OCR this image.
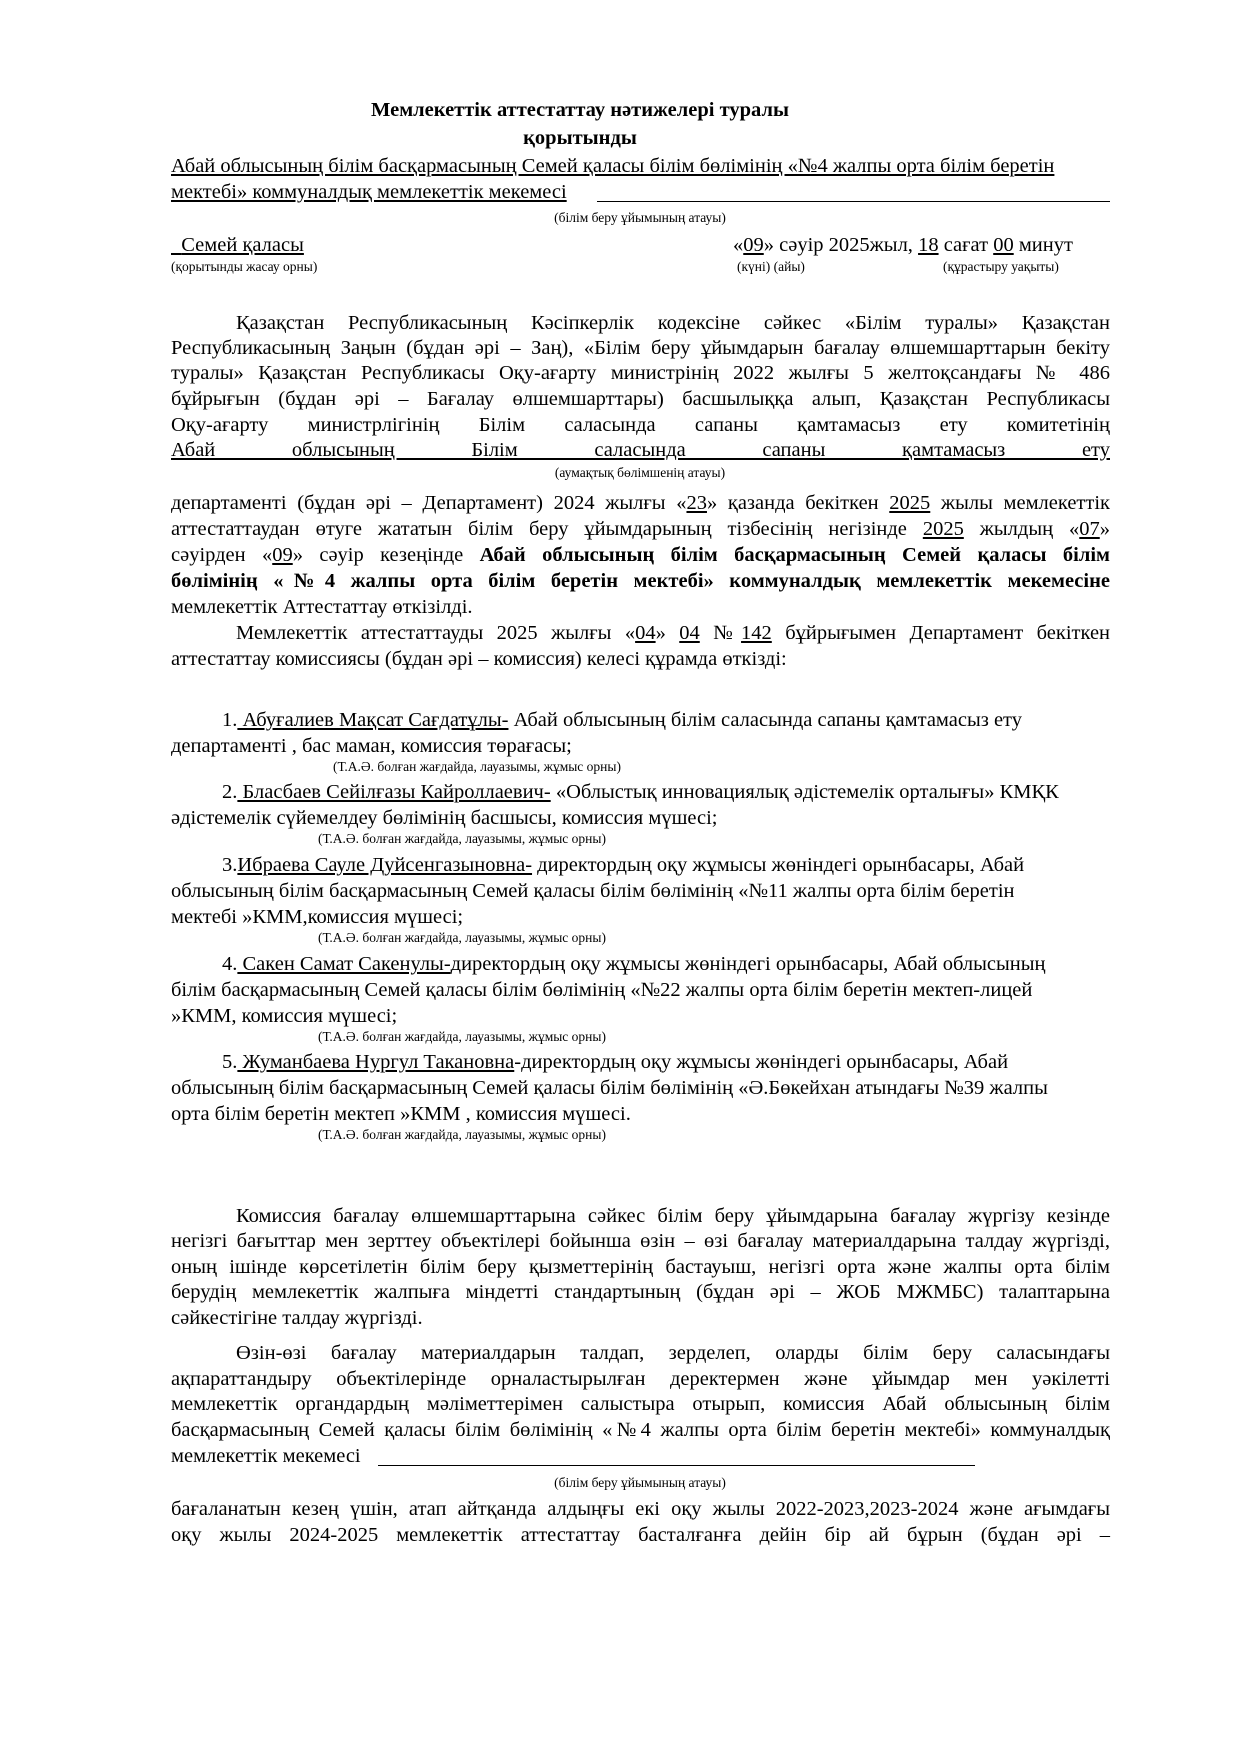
Мемлекеттік аттестаттау нәтижелері туралы
қорытынды
Абай облысының білім басқармасының Семей қаласы білім бөлімінің «№4 жалпы орта білім беретін
мектебі» коммуналдық мемлекеттік мекемесі
(білім беру ұйымының атауы)
Семей қаласы	«09» сәуір 2025жыл, 18 сағат 00 минут
(қорытынды жасау орны)	(күні) (айы)	(құрастыру уақыты)
Қазақстан Республикасының Кәсіпкерлік кодексіне сәйкес «Білім туралы» Қазақстан
Республикасының Заңын (бұдан әрі – Заң), «Білім беру ұйымдарын бағалау өлшемшарттарын бекіту
туралы» Қазақстан Республикасы Оқу-ағарту министрінің 2022 жылғы 5 желтоқсандағы № 486
бұйрығын (бұдан әрі – Бағалау өлшемшарттары) басшылыққа алып, Қазақстан Республикасы
Оқу-ағарту министрлігінің Білім саласында сапаны қамтамасыз ету комитетінің
Абай облысының Білім саласында сапаны қамтамасыз ету
(аумақтық бөлімшенің атауы)
департаменті (бұдан әрі – Департамент) 2024 жылғы «23» қазанда бекіткен 2025 жылы мемлекеттік
аттестаттаудан өтуге жататын білім беру ұйымдарының тізбесінің негізінде 2025 жылдың «07»
сәуірден «09» сәуір кезеңінде Абай облысының білім басқармасының Семей қаласы білім
бөлімінің «№4 жалпы орта білім беретін мектебі» коммуналдық мемлекеттік мекемесіне
мемлекеттік Аттестаттау өткізілді.
Мемлекеттік аттестаттауды 2025 жылғы «04» 04 №142 бұйрығымен Департамент бекіткен
аттестаттау комиссиясы (бұдан әрі – комиссия) келесі құрамда өткізді:
1. Абуғалиев Мақсат Сағдатұлы- Абай облысының білім саласында сапаны қамтамасыз ету
департаменті , бас маман, комиссия төрағасы;
(Т.А.Ә. болған жағдайда, лауазымы, жұмыс орны)
2. Бласбаев Сейілғазы Кайроллаевич- «Облыстық инновациялық әдістемелік орталығы» КМҚК
әдістемелік сүйемелдеу бөлімінің басшысы, комиссия мүшесі;
(Т.А.Ә. болған жағдайда, лауазымы, жұмыс орны)
3.Ибраева Сауле Дуйсенгазыновна- директордың оқу жұмысы жөніндегі орынбасары, Абай
облысының білім басқармасының Семей қаласы білім бөлімінің «№11 жалпы орта білім беретін
мектебі »КММ,комиссия мүшесі;
(Т.А.Ә. болған жағдайда, лауазымы, жұмыс орны)
4. Сакен Самат Сакенулы-директордың оқу жұмысы жөніндегі орынбасары, Абай облысының
білім басқармасының Семей қаласы білім бөлімінің «№22 жалпы орта білім беретін мектеп-лицей
»КММ, комиссия мүшесі;
(Т.А.Ә. болған жағдайда, лауазымы, жұмыс орны)
5. Жуманбаева Нургул Такановна-директордың оқу жұмысы жөніндегі орынбасары, Абай
облысының білім басқармасының Семей қаласы білім бөлімінің «Ә.Бөкейхан атындағы №39 жалпы
орта білім беретін мектеп »КММ , комиссия мүшесі.
(Т.А.Ә. болған жағдайда, лауазымы, жұмыс орны)
Комиссия бағалау өлшемшарттарына сәйкес білім беру ұйымдарына бағалау жүргізу кезінде
негізгі бағыттар мен зерттеу объектілері бойынша өзін – өзі бағалау материалдарына талдау жүргізді,
оның ішінде көрсетілетін білім беру қызметтерінің бастауыш, негізгі орта және жалпы орта білім
берудің мемлекеттік жалпыға міндетті стандартының (бұдан әрі – ЖОБ МЖМБС) талаптарына
сәйкестігіне талдау жүргізді.
Өзін-өзі бағалау материалдарын талдап, зерделеп, оларды білім беру саласындағы
ақпараттандыру объектілерінде орналастырылған деректермен және ұйымдар мен уәкілетті
мемлекеттік органдардың мәліметтерімен салыстыра отырып, комиссия Абай облысының білім
басқармасының Семей қаласы білім бөлімінің «№4 жалпы орта білім беретін мектебі» коммуналдық
мемлекеттік мекемесі
(білім беру ұйымының атауы)
бағаланатын кезең үшін, атап айтқанда алдыңғы екі оқу жылы 2022-2023,2023-2024 және ағымдағы
оқу жылы 2024-2025 мемлекеттік аттестаттау басталғанға дейін бір ай бұрын (бұдан әрі –
